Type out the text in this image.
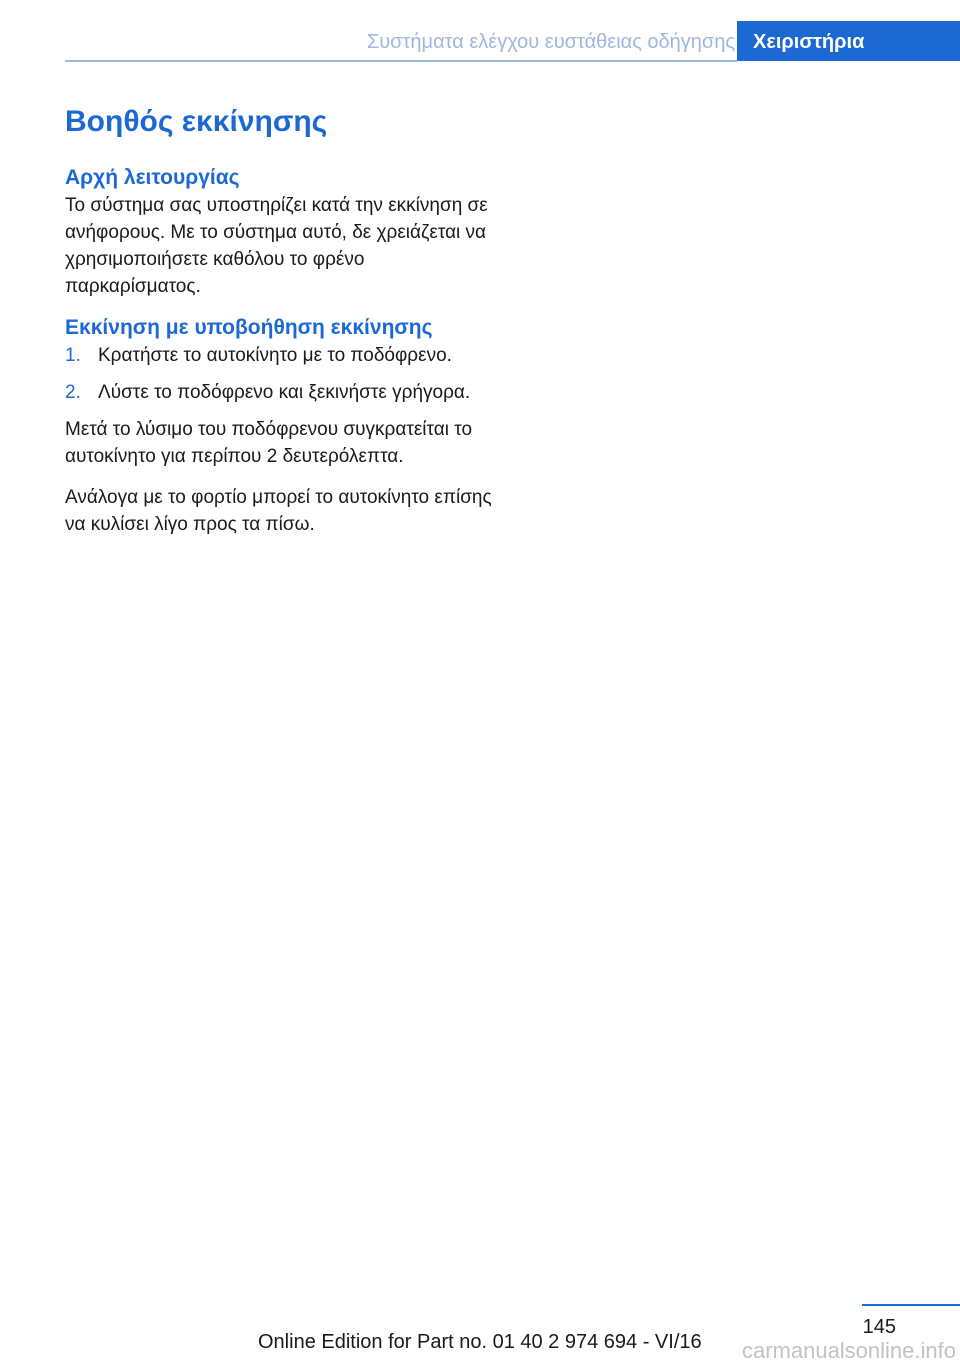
Συστήματα ελέγχου ευστάθειας οδήγησης Χειριστήρια
Βοηθός εκκίνησης
Αρχή λειτουργίας

Το σύστημα σας υποστηρίζει κατά την εκκίνηση σε ανήφορους. Με το σύστημα αυτό, δε χρειάζεται να χρησιμοποιήσετε καθόλου το φρένο παρκαρίσματος.

Εκκίνηση με υποβοήθηση εκκίνησης
1. Κρατήστε το αυτοκίνητο με το ποδόφρενο.
2. Λύστε το ποδόφρενο και ξεκινήστε γρήγορα.

Μετά το λύσιμο του ποδόφρενου συγκρατείται το αυτοκίνητο για περίπου 2 δευτερόλεπτα.

Ανάλογα με το φορτίο μπορεί το αυτοκίνητο επίσης να κυλίσει λίγο προς τα πίσω.

145
Online Edition for Part no. 01 40 2 974 694 - VI/16 carmanualsonline.info
